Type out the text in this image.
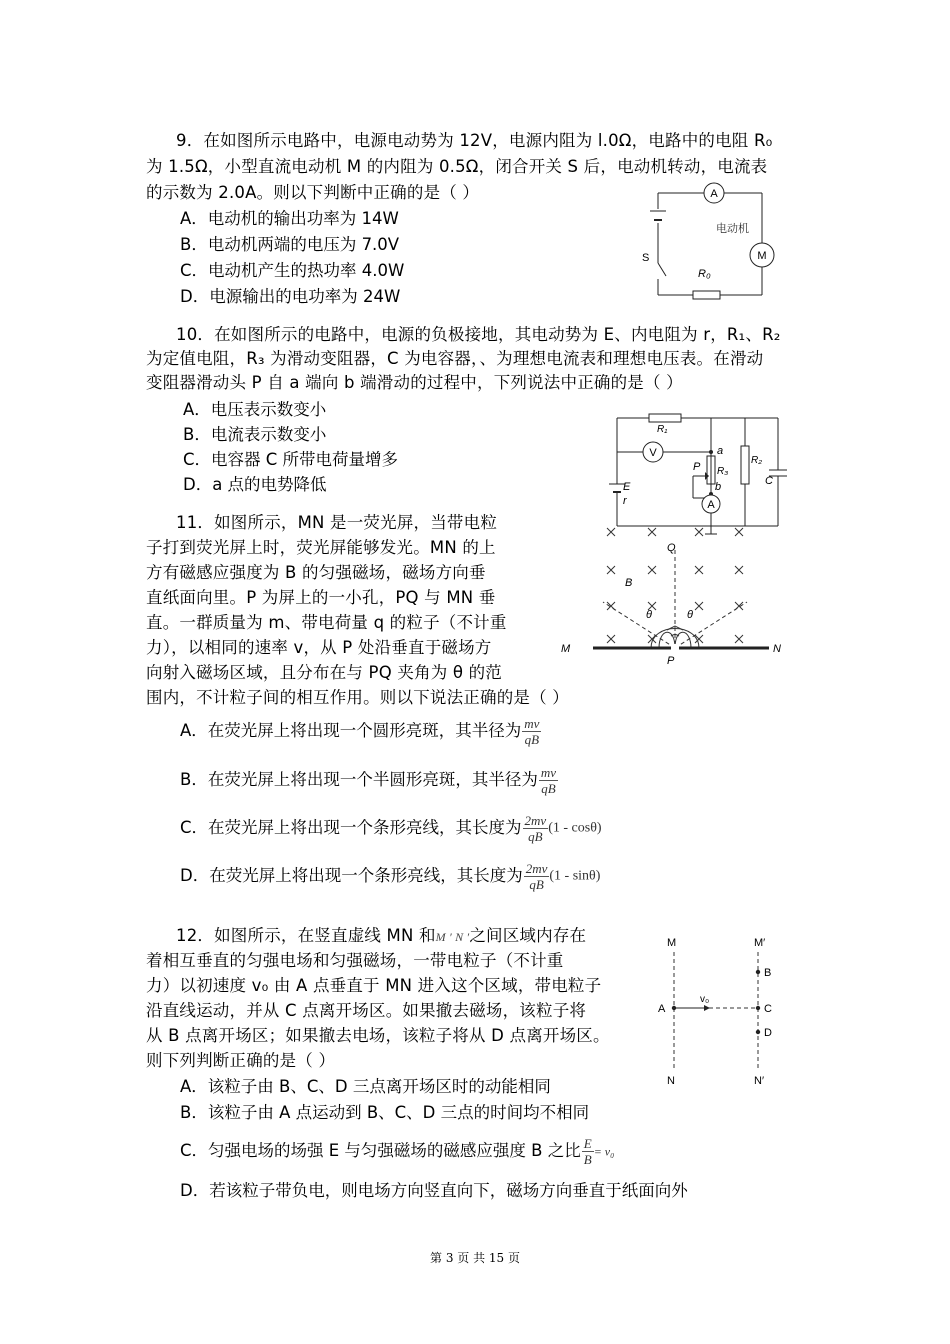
9．在如图所示电路中，电源电动势为 12V，电源内阻为 l.0Ω，电路中的电阻 R₀
为 1.5Ω，小型直流电动机 M 的内阻为 0.5Ω，闭合开关 S 后，电动机转动，电流表
的示数为 2.0A。则以下判断中正确的是（ ）
A．电动机的输出功率为 14W
B．电动机两端的电压为 7.0V
C．电动机产生的热功率 4.0W
D．电源输出的电功率为 24W
A
M
电动机
S
R₀
10．在如图所示的电路中，电源的负极接地，其电动势为 E、内电阻为 r，R₁、R₂
为定值电阻，R₃ 为滑动变阻器，C 为电容器，、为理想电流表和理想电压表。在滑动
变阻器滑动头 P 自 a 端向 b 端滑动的过程中，下列说法中正确的是（ ）
A．电压表示数变小
B．电流表示数变小
C．电容器 C 所带电荷量增多
D．a 点的电势降低
V
A
R₁
R₂
R₃
a
b
P
E
r
C
11．如图所示，MN 是一荧光屏，当带电粒
子打到荧光屏上时，荧光屏能够发光。MN 的上
方有磁感应强度为 B 的匀强磁场，磁场方向垂
直纸面向里。P 为屏上的一小孔，PQ 与 MN 垂
直。一群质量为 m、带电荷量 q 的粒子（不计重
力），以相同的速率 v，从 P 处沿垂直于磁场方
向射入磁场区域，且分布在与 PQ 夹角为 θ 的范
围内，不计粒子间的相互作用。则以下说法正确的是（ ）
A．在荧光屏上将出现一个圆形亮斑，其半径为 $\frac{mv}{qB}$
B．在荧光屏上将出现一个半圆形亮斑，其半径为 $\frac{mv}{qB}$
C．在荧光屏上将出现一个条形亮线，其长度为 $\frac{2mv}{qB} (1 - \cos\theta)$
D．在荧光屏上将出现一个条形亮线，其长度为 $\frac{2mv}{qB} (1 - \sin\theta)$
Q
B
θ	θ
M	N
P
12．如图所示，在竖直虚线 MN 和M ′ N ′之间区域内存在
着相互垂直的匀强电场和匀强磁场，一带电粒子（不计重
力）以初速度 v₀ 由 A 点垂直于 MN 进入这个区域，带电粒子
沿直线运动，并从 C 点离开场区。如果撤去磁场，该粒子将
从 B 点离开场区；如果撤去电场，该粒子将从 D 点离开场区。
则下列判断正确的是（ ）
A．该粒子由 B、C、D 三点离开场区时的动能相同
B．该粒子由 A 点运动到 B、C、D 三点的时间均不相同
C．匀强电场的场强 E 与匀强磁场的磁感应强度 B 之比 $\frac{E}{B} = v_0$
D．若该粒子带负电，则电场方向竖直向下，磁场方向垂直于纸面向外
M	M′
N	N′
A
B
C
D
v₀
第 3 页 共 15 页
